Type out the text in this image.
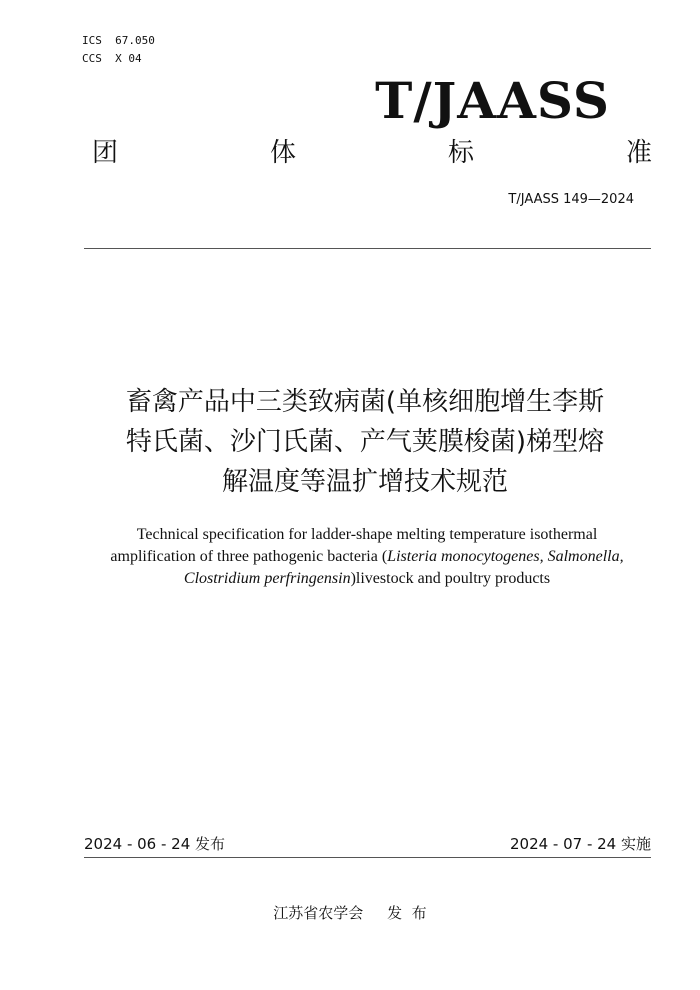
ICS  67.050
CCS  X 04
T/JAASS
团	体	标	准
T/JAASS 149—2024
畜禽产品中三类致病菌(单核细胞增生李斯
特氏菌、沙门氏菌、产气荚膜梭菌)梯型熔
解温度等温扩增技术规范
Technical specification for ladder-shape melting temperature isothermal
amplification of three pathogenic bacteria (Listeria monocytogenes, Salmonella,
Clostridium perfringensin)livestock and poultry products
2024 - 06 - 24 发布	2024 - 07 - 24 实施
江苏省农学会     发  布
